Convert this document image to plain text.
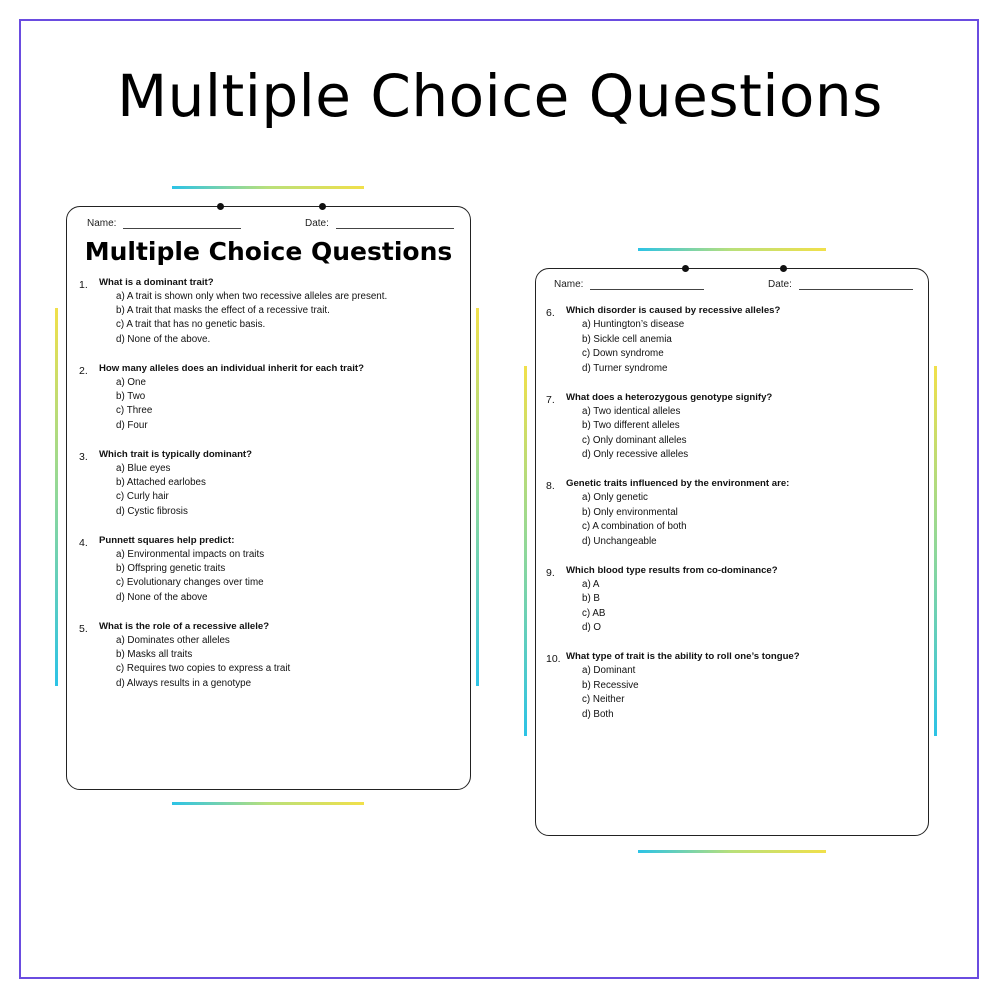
Multiple Choice Questions
Name:	Date:
Multiple Choice Questions
1. What is a dominant trait?
a) A trait is shown only when two recessive alleles are present.
b) A trait that masks the effect of a recessive trait.
c) A trait that has no genetic basis.
d) None of the above.
2. How many alleles does an individual inherit for each trait?
a) One
b) Two
c) Three
d) Four
3. Which trait is typically dominant?
a) Blue eyes
b) Attached earlobes
c) Curly hair
d) Cystic fibrosis
4. Punnett squares help predict:
a) Environmental impacts on traits
b) Offspring genetic traits
c) Evolutionary changes over time
d) None of the above
5. What is the role of a recessive allele?
a) Dominates other alleles
b) Masks all traits
c) Requires two copies to express a trait
d) Always results in a genotype
Name:	Date:
6. Which disorder is caused by recessive alleles?
a) Huntington’s disease
b) Sickle cell anemia
c) Down syndrome
d) Turner syndrome
7. What does a heterozygous genotype signify?
a) Two identical alleles
b) Two different alleles
c) Only dominant alleles
d) Only recessive alleles
8. Genetic traits influenced by the environment are:
a) Only genetic
b) Only environmental
c) A combination of both
d) Unchangeable
9. Which blood type results from co-dominance?
a) A
b) B
c) AB
d) O
10. What type of trait is the ability to roll one’s tongue?
a) Dominant
b) Recessive
c) Neither
d) Both
